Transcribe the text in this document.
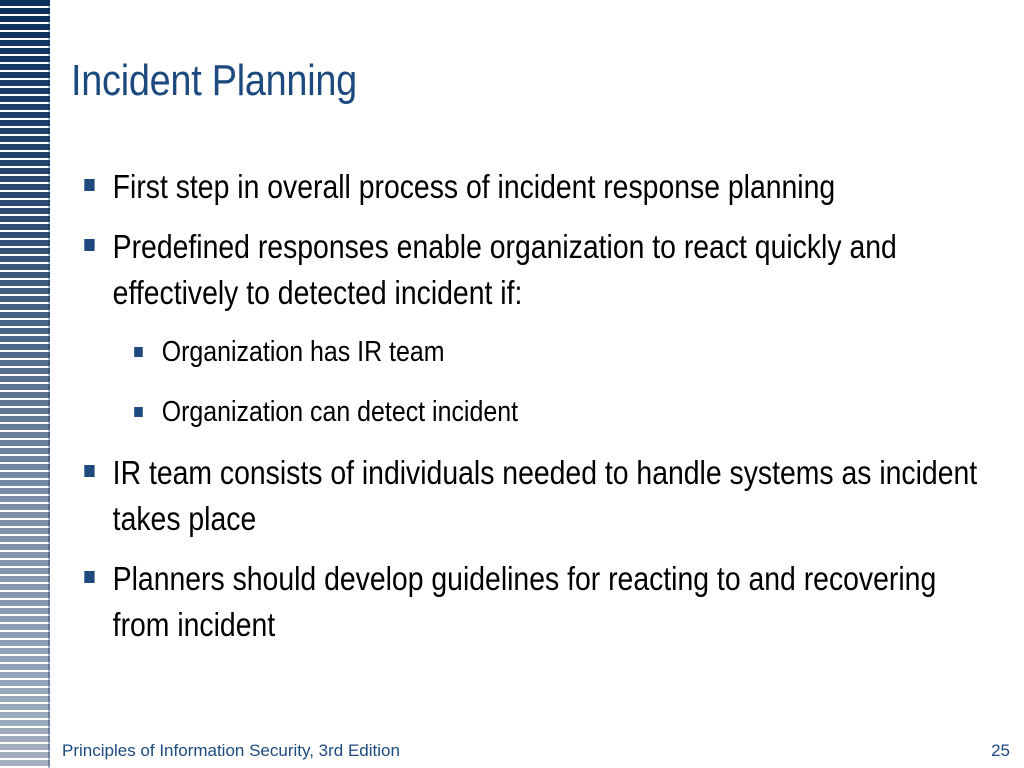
Incident Planning
First step in overall process of incident response planning
Predefined responses enable organization to react quickly and effectively to detected incident if:
Organization has IR team
Organization can detect incident
IR team consists of individuals needed to handle systems as incident takes place
Planners should develop guidelines for reacting to and recovering from incident
Principles of Information Security, 3rd Edition	25
